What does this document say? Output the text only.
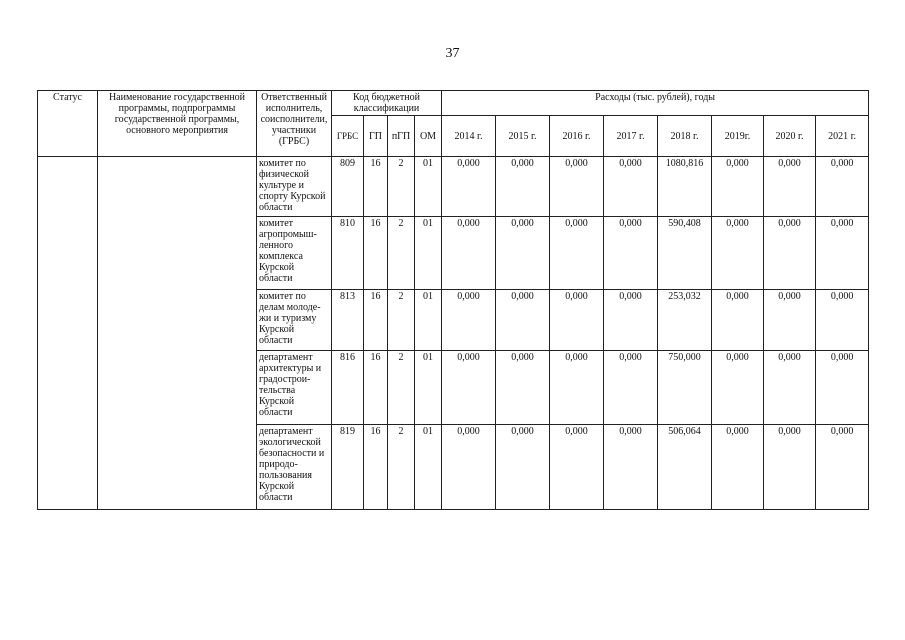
37
Статус	Наименование государственной программы, подпрограммы государственной программы, основного мероприятия	Ответственный исполнитель, соисполнители, участники (ГРБС)	Код бюджетной классификации				Расходы (тыс. рублей), годы							
			ГРБС	ГП	пГП	ОМ	2014 г.	2015 г.	2016 г.	2017 г.	2018 г.	2019г.	2020 г.	2021 г.
		комитет по физической культуре и спорту Курской области	809	16	2	01	0,000	0,000	0,000	0,000	1080,816	0,000	0,000	0,000
		комитет агропромыш-ленного комплекса Курской области	810	16	2	01	0,000	0,000	0,000	0,000	590,408	0,000	0,000	0,000
		комитет по делам молоде-жи и туризму Курской области	813	16	2	01	0,000	0,000	0,000	0,000	253,032	0,000	0,000	0,000
		департамент архитектуры и градострои-тельства Курской области	816	16	2	01	0,000	0,000	0,000	0,000	750,000	0,000	0,000	0,000
		департамент экологической безопасности и природо-пользования Курской области	819	16	2	01	0,000	0,000	0,000	0,000	506,064	0,000	0,000	0,000
